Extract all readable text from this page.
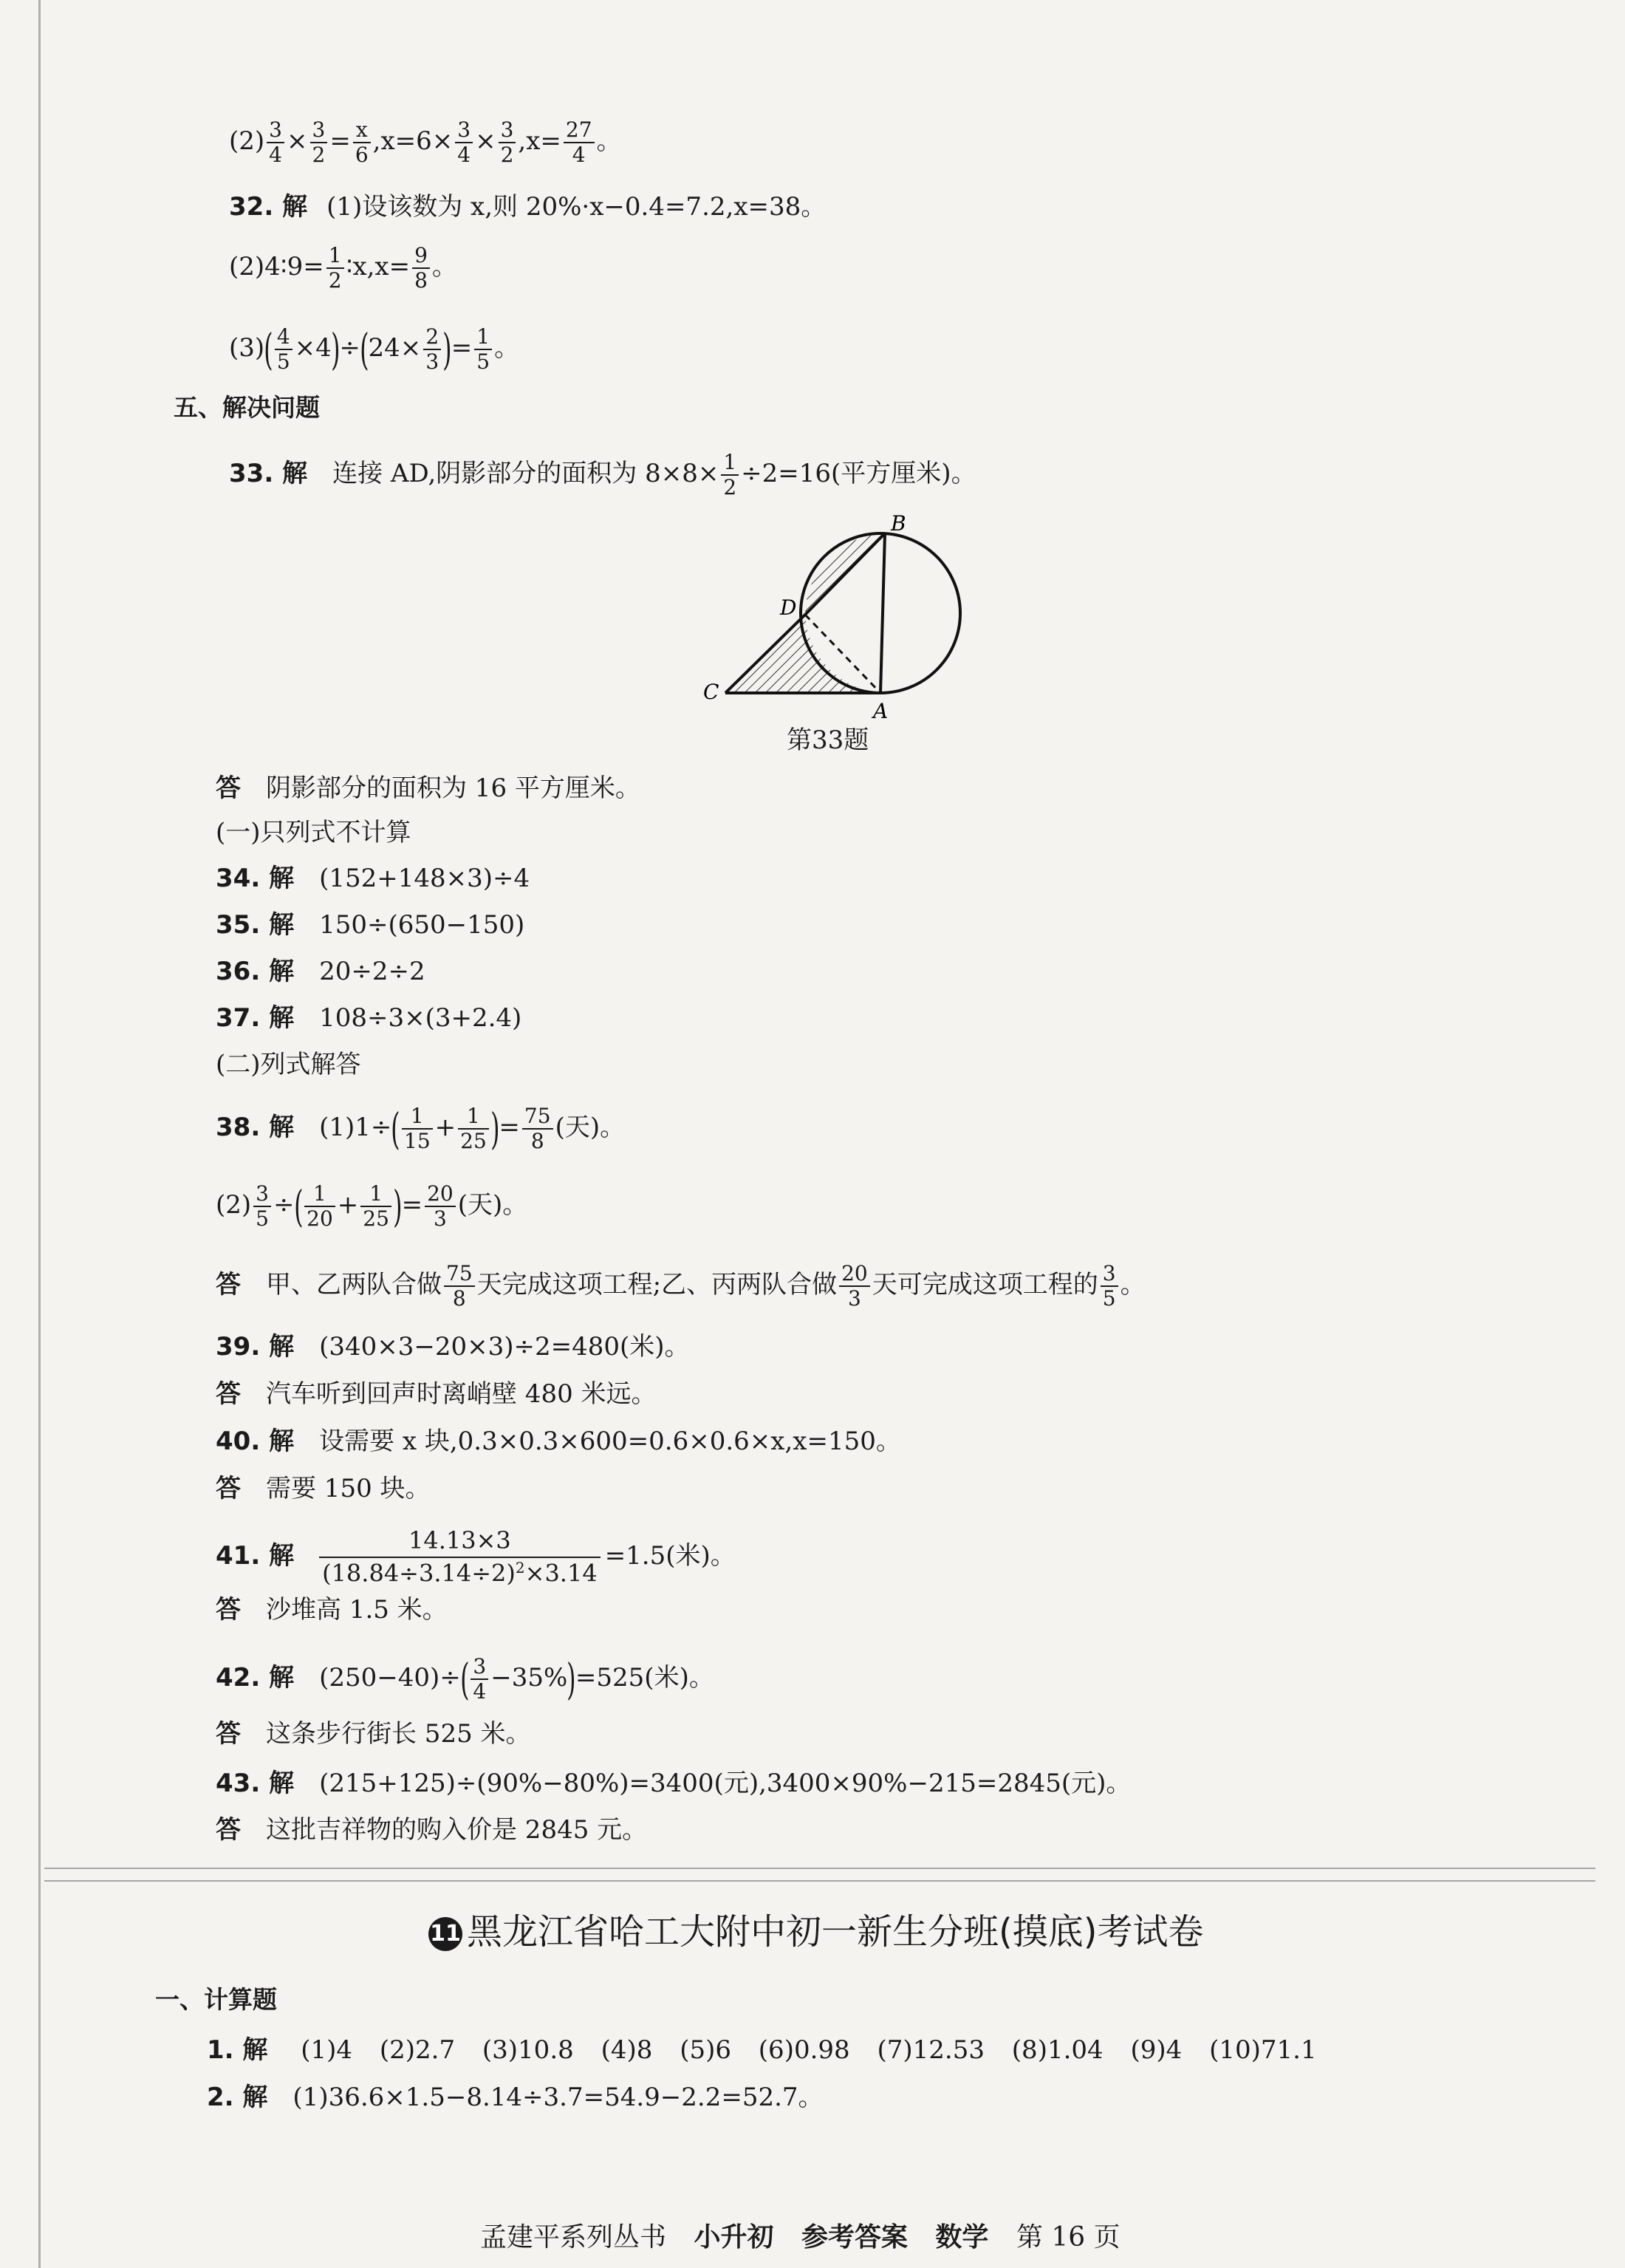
$(2) \frac{3}{4} \times \frac{3}{2} = \frac{x}{6} ,x=6\times \frac{3}{4} \times \frac{3}{2} ,x= \frac{27}{4}$ 。
32. 解 (1)设该数为 x,则 20%·x−0.4=7.2,x=38。
(2)4∶9= $\frac{1}{2}$ ∶x,x= $\frac{9}{8}$ 。
$(3)( \frac{4}{5} \times 4)\div(24\times \frac{2}{3}$ )= $\frac{1}{5}$ 。
五、解决问题
33. 解 连接 AD,阴影部分的面积为 $8\times 8\times \frac{1}{2} \div 2=16$(平方厘米)。
B
D
C
A
第33题
答 阴影部分的面积为 16 平方厘米。
(一)只列式不计算
34. 解 (152+148×3)÷4
35. 解 150÷(650−150)
36. 解 20÷2÷2
37. 解 108÷3×(3+2.4)
(二)列式解答
38. 解 $(1)1\div( \frac{1}{15} + \frac{1}{25}$ )= $\frac{75}{8}$ (天)。
$(2) \frac{3}{5}$ ÷( $\frac{1}{20} + \frac{1}{25}$ )= $\frac{20}{3}$ (天)。
答 甲、乙两队合做 $\frac{75}{8}$ 天完成这项工程;乙、丙两队合做 $\frac{20}{3}$ 天可完成这项工程的 $\frac{3}{5}$ 。
39. 解 (340×3−20×3)÷2=480(米)。
答 汽车听到回声时离峭壁 480 米远。
40. 解 设需要 x 块,0.3×0.3×600=0.6×0.6×x,x=150。
答 需要 150 块。
41. 解 $\frac{14.13\times 3}{(18.84\div 3.14\div 2)^2\times 3.14} =1.5$(米)。
答 沙堆高 1.5 米。
42. 解 $(250-40)\div( \frac{3}{4} -35\%)=525$(米)。
答 这条步行街长 525 米。
43. 解 (215+125)÷(90%−80%)=3400(元),3400×90%−215=2845(元)。
答 这批吉祥物的购入价是 2845 元。
11 黑龙江省哈工大附中初一新生分班(摸底)考试卷
一、计算题
1. 解 (1)4 (2)2.7 (3)10.8 (4)8 (5)6 (6)0.98 (7)12.53 (8)1.04 (9)4 (10)71.1
2. 解 (1)36.6×1.5−8.14÷3.7=54.9−2.2=52.7。
孟建平系列丛书 小升初 参考答案 数学 第 16 页
